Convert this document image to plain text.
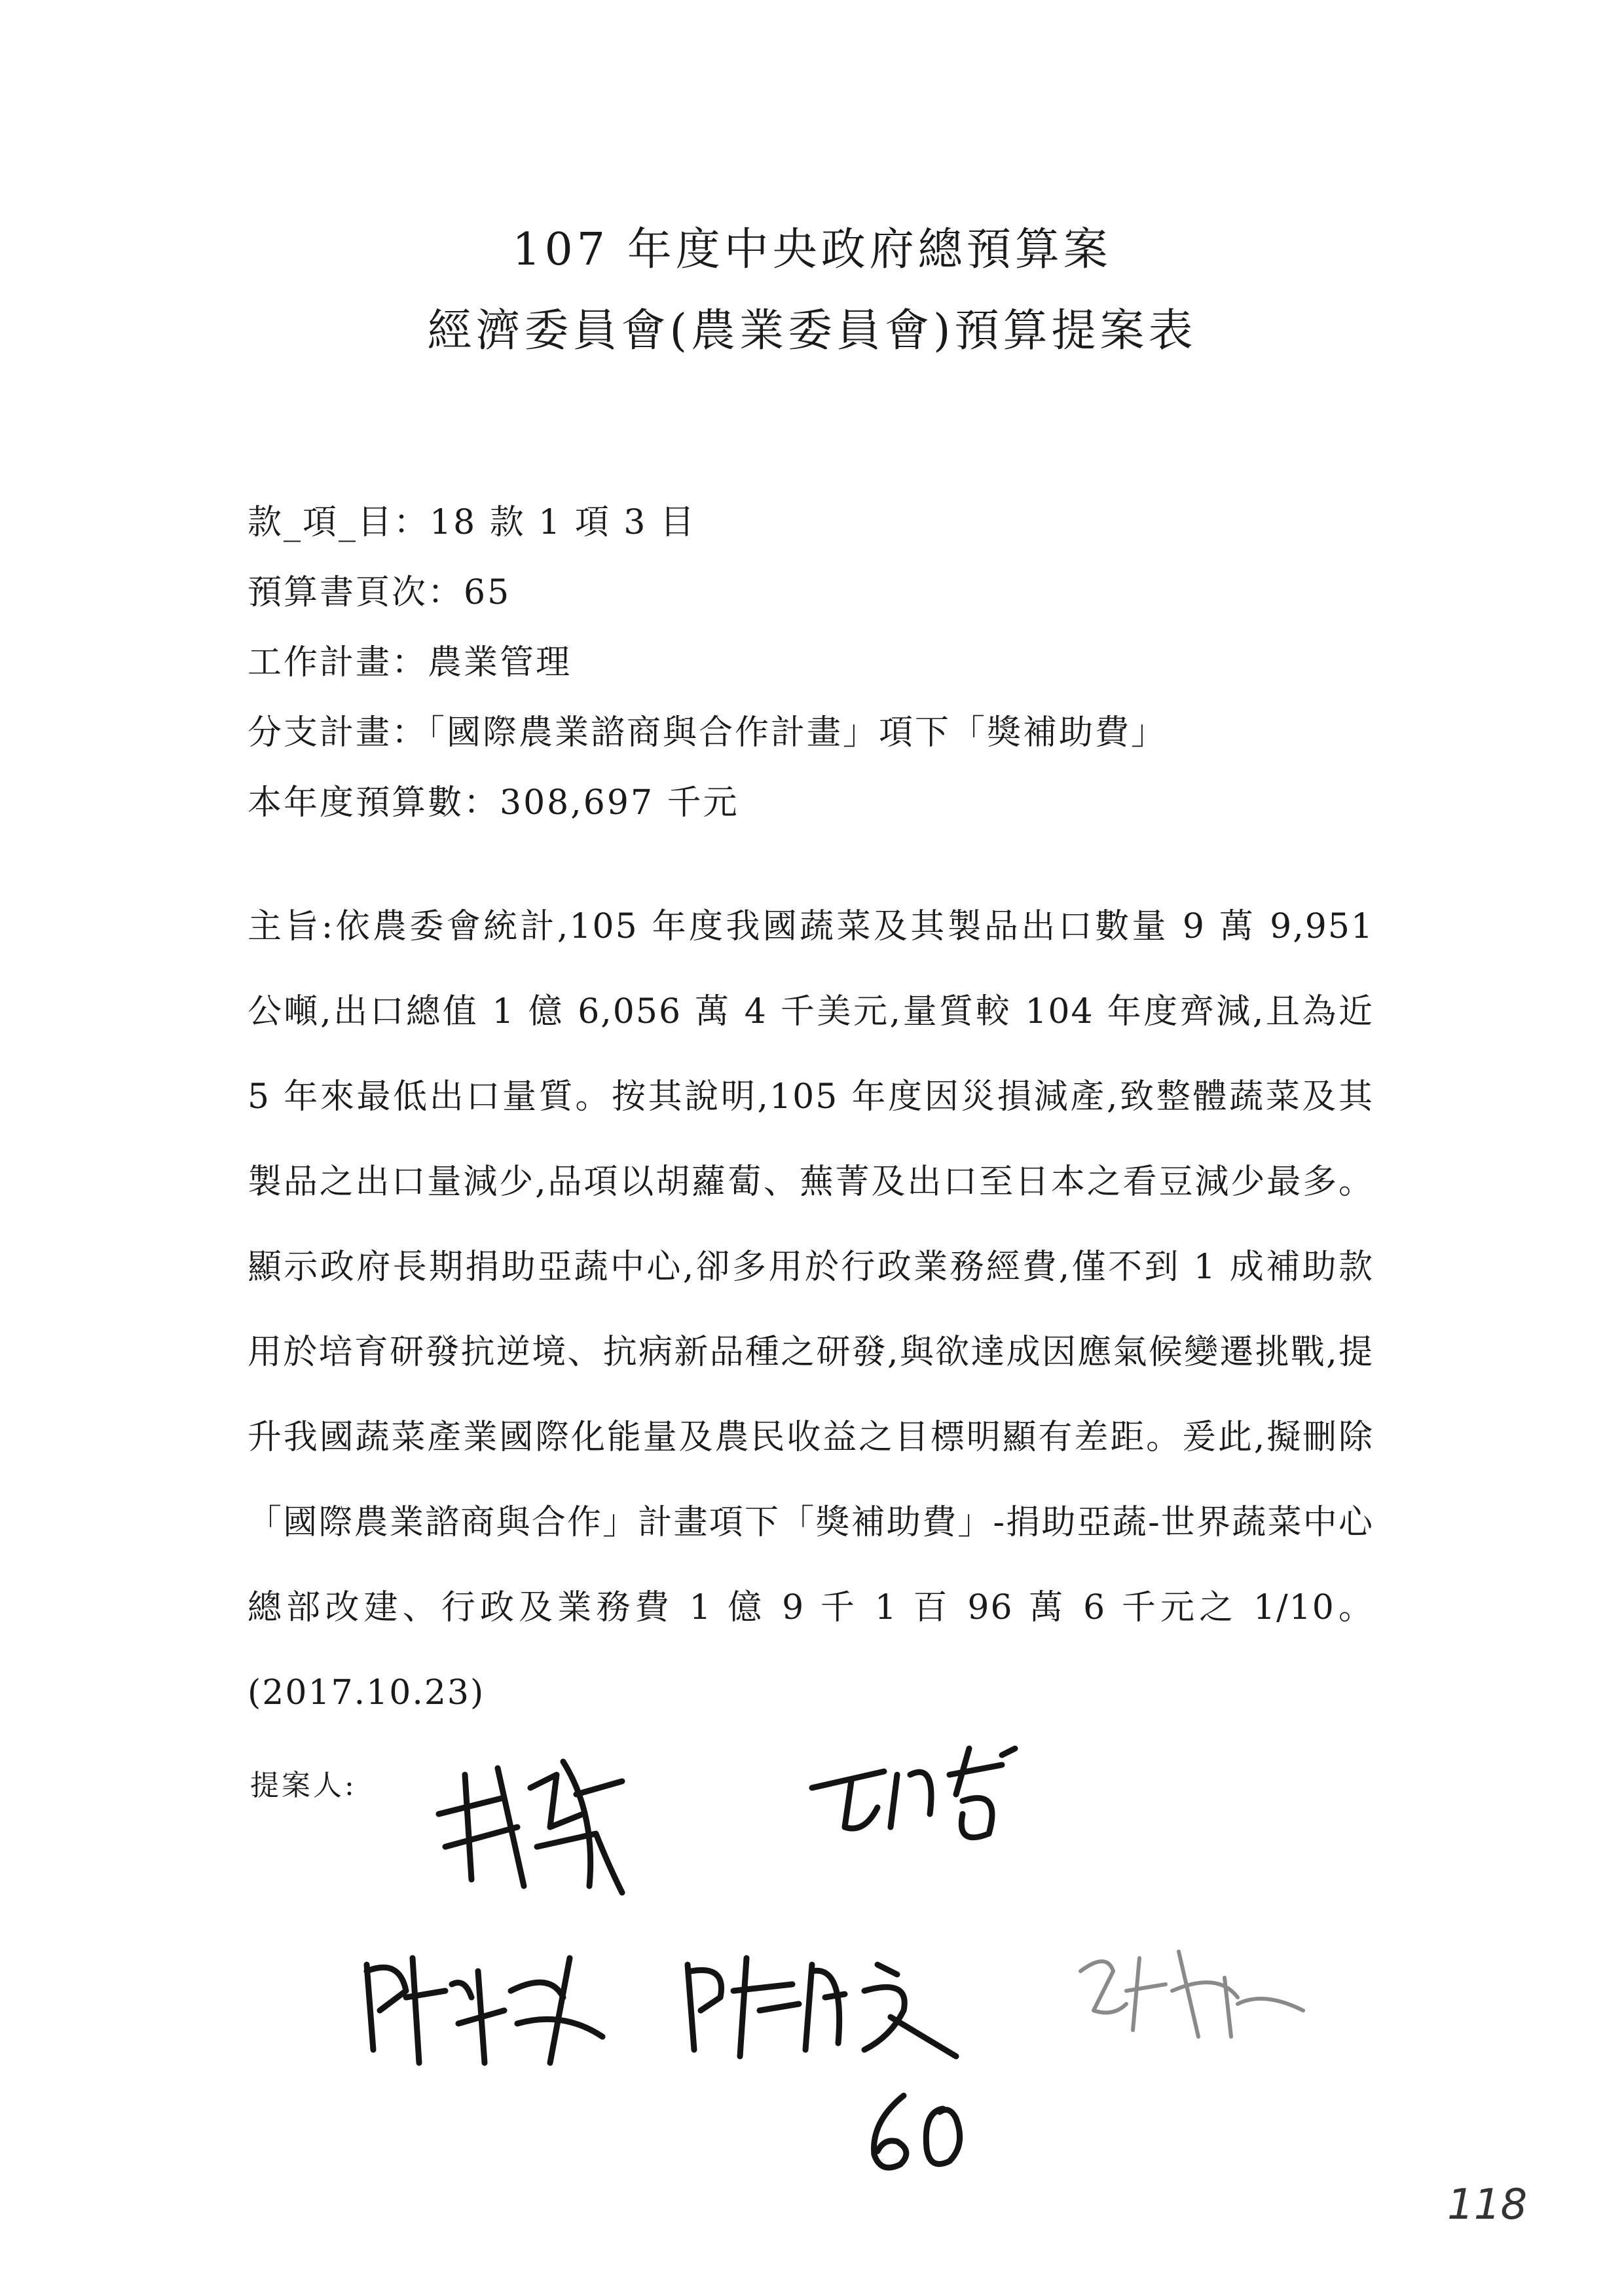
107 年度中央政府總預算案
經濟委員會(農業委員會)預算提案表
款_項_目：18 款 1 項 3 目
預算書頁次：65
工作計畫：農業管理
分支計畫：「國際農業諮商與合作計畫」項下「獎補助費」
本年度預算數：308,697 千元
主旨:依農委會統計,105 年度我國蔬菜及其製品出口數量 9 萬 9,951 公噸,出口總值 1 億 6,056 萬 4 千美元,量質較 104 年度齊減,且為近 5 年來最低出口量質。按其說明,105 年度因災損減產,致整體蔬菜及其製品之出口量減少,品項以胡蘿蔔、蕪菁及出口至日本之看豆減少最多。顯示政府長期捐助亞蔬中心,卻多用於行政業務經費,僅不到 1 成補助款用於培育研發抗逆境、抗病新品種之研發,與欲達成因應氣候變遷挑戰,提升我國蔬菜產業國際化能量及農民收益之目標明顯有差距。爰此,擬刪除「國際農業諮商與合作」計畫項下「獎補助費」-捐助亞蔬-世界蔬菜中心總部改建、行政及業務費 1 億 9 千 1 百 96 萬 6 千元之 1/10。(2017.10.23)
提案人:
118
